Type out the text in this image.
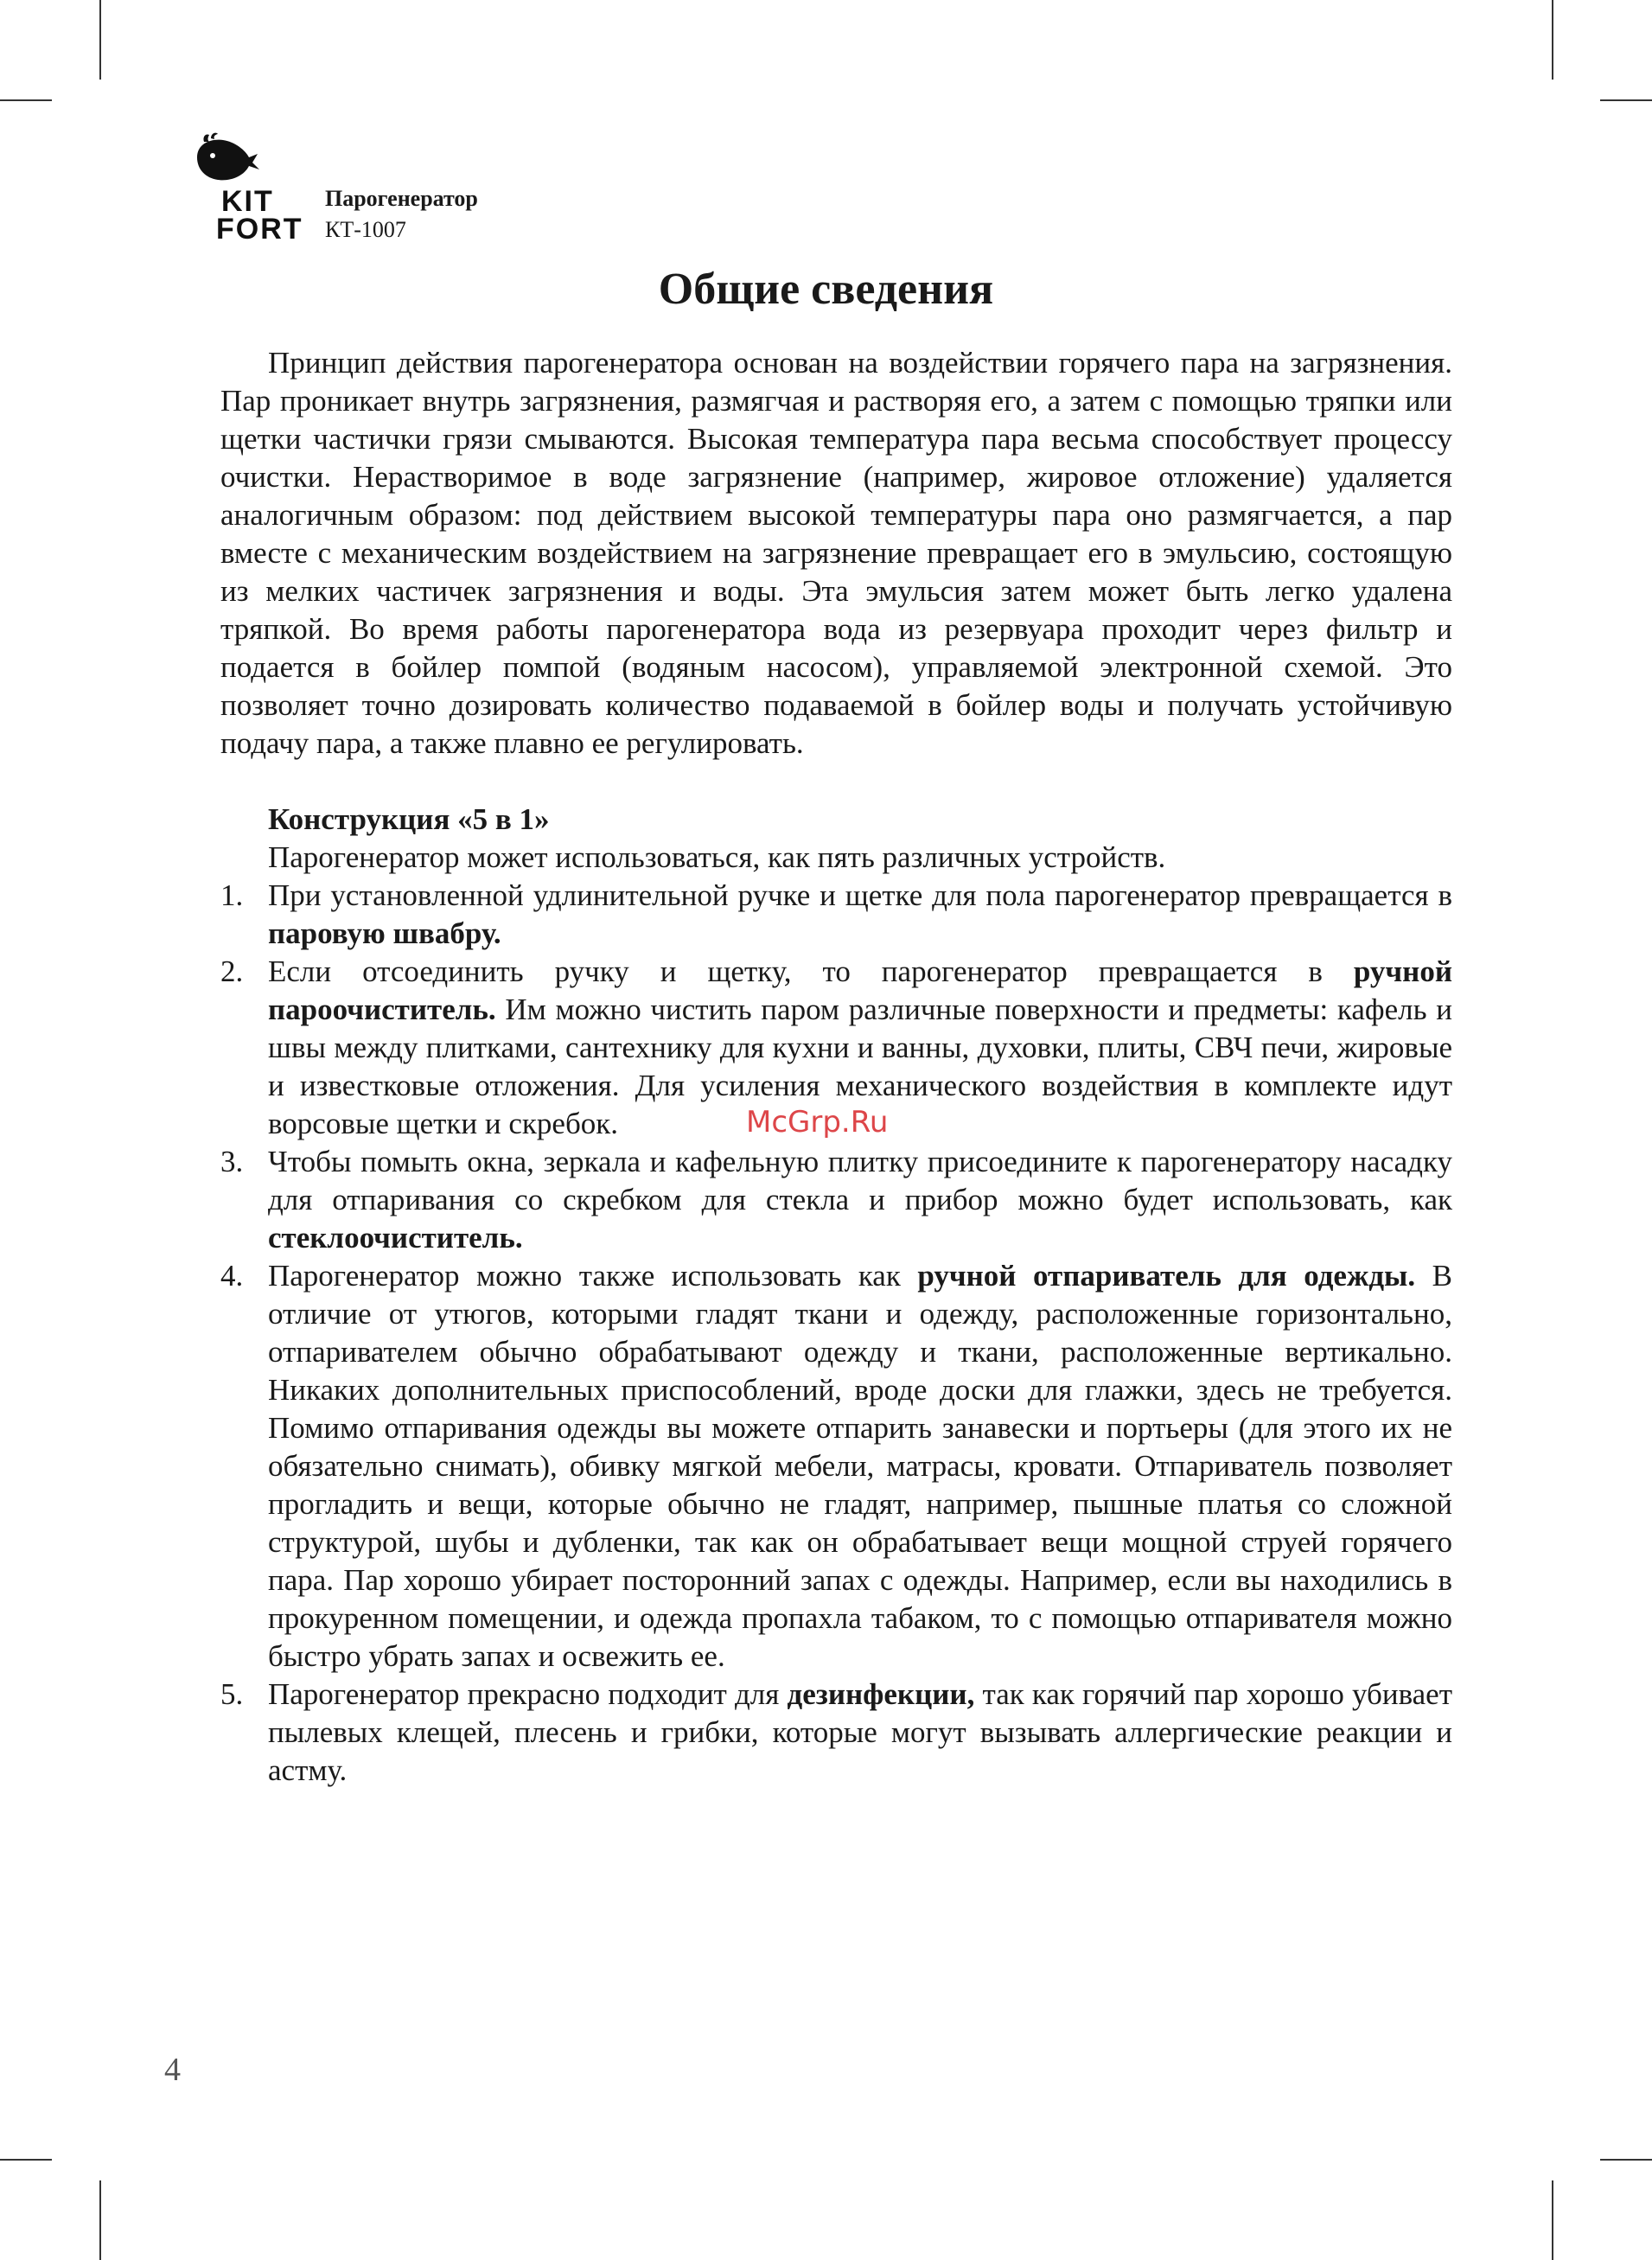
KIT
FORT
Парогенератор
КТ-1007
Общие сведения

Принцип действия парогенератора основан на воздействии горячего пара на загрязнения. Пар проникает внутрь загрязнения, размягчая и растворяя его, а затем с помощью тряпки или щетки частички грязи смываются. Высокая температура пара весьма способствует процессу очистки. Нерастворимое в воде загрязнение (например, жировое отложение) удаляется аналогичным образом: под действием высокой температуры пара оно размягчается, а пар вместе с механическим воздействием на загрязнение превращает его в эмульсию, состоящую из мелких частичек загрязнения и воды. Эта эмульсия затем может быть легко удалена тряпкой. Во время работы парогенератора вода из резервуара проходит через фильтр и подается в бойлер помпой (водяным насосом), управляемой электронной схемой. Это позволяет точно дозировать количество подаваемой в бойлер воды и получать устойчивую подачу пара, а также плавно ее регулировать.

Конструкция «5 в 1»

Парогенератор может использоваться, как пять различных устройств.

1. При установленной удлинительной ручке и щетке для пола парогенератор превращается в паровую швабру.
2. Если отсоединить ручку и щетку, то парогенератор превращается в ручной пароочиститель. Им можно чистить паром различные поверхности и предметы: кафель и швы между плитками, сантехнику для кухни и ванны, духовки, плиты, СВЧ печи, жировые и известковые отложения. Для усиления механического воздействия в комплекте идут ворсовые щетки и скребок.
3. Чтобы помыть окна, зеркала и кафельную плитку присоедините к парогенератору насадку для отпаривания со скребком для стекла и прибор можно будет использовать, как стеклоочиститель.
4. Парогенератор можно также использовать как ручной отпариватель для одежды. В отличие от утюгов, которыми гладят ткани и одежду, расположенные горизонтально, отпаривателем обычно обрабатывают одежду и ткани, расположенные вертикально. Никаких дополнительных приспособлений, вроде доски для глажки, здесь не требуется. Помимо отпаривания одежды вы можете отпарить занавески и портьеры (для этого их не обязательно снимать), обивку мягкой мебели, матрасы, кровати. Отпариватель позволяет прогладить и вещи, которые обычно не гладят, например, пышные платья со сложной структурой, шубы и дубленки, так как он обрабатывает вещи мощной струей горячего пара. Пар хорошо убирает посторонний запах с одежды. Например, если вы находились в прокуренном помещении, и одежда пропахла табаком, то с помощью отпаривателя можно быстро убрать запах и освежить ее.
5. Парогенератор прекрасно подходит для дезинфекции, так как горячий пар хорошо убивает пылевых клещей, плесень и грибки, которые могут вызывать аллергические реакции и астму.
McGrp.Ru
4
